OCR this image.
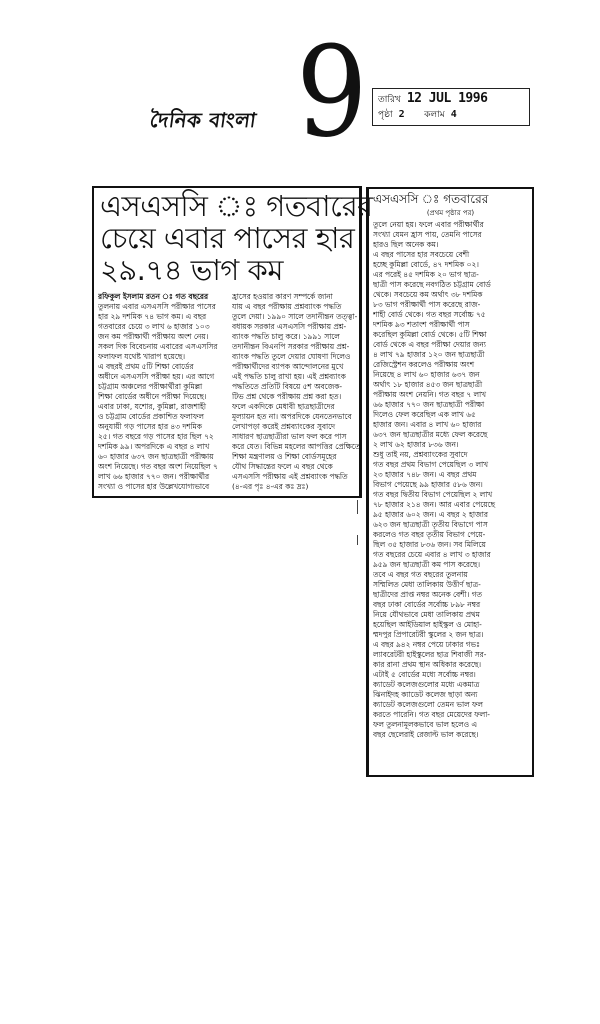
দৈনিক বাংলা 9 তারিখ 12 JUL 1996
পৃষ্ঠা 2 কলাম 4
এসএসসি ঃ গতবারের
চেয়ে এবার পাসের হার
২৯.৭৪ ভাগ কম
রফিকুল ইসলাম রতন ঃ গত বছরের
তুলনায় এবার এসএসসি পরীক্ষার পাসের
হার ২৯ দশমিক ৭৪ ভাগ কম। এ বছর
গতবারের চেয়ে ৩ লাখ ৬ হাজার ১০৩
জন কম পরীক্ষার্থী পরীক্ষায় অংশ নেয়।
সকল দিক বিবেচনায় এবারের এসএসসির
ফলাফল যথেষ্ট খারাপ হয়েছে।
এ বছরই প্রথম ৫টি শিক্ষা বোর্ডের
অধীনে এসএসসি পরীক্ষা হয়। এর আগে
চট্টগ্রাম অঞ্চলের পরীক্ষার্থীরা কুমিল্লা
শিক্ষা বোর্ডের অধীনে পরীক্ষা দিয়েছে।
এবার ঢাকা, যশোর, কুমিল্লা, রাজশাহী
ও চট্টগ্রাম বোর্ডের প্রকাশিত ফলাফল
অনুযায়ী গড় পাসের হার ৪৩ দশমিক
২৫। গত বছরে গড় পাসের হার ছিল ৭২
দশমিক ৯৯। অপরদিকে এ বছর ৪ লাখ
৬০ হাজার ৬৩৭ জন ছাত্রছাত্রী পরীক্ষায়
অংশ নিয়েছে। গত বছর অংশ নিয়েছিল ৭
লাখ ৬৬ হাজার ৭৭০ জন। পরীক্ষার্থীর
সংখ্যা ও পাসের হার উল্লেখযোগ্যভাবে
হ্রাসের হওয়ার কারণ সম্পর্কে জানা
যায় এ বছর পরীক্ষায় প্রশ্নব্যাংক পদ্ধতি
তুলে দেয়া। ১৯৯০ সালে তদানীন্তন তত্ত্বা-
বধায়ক সরকার এসএসসি পরীক্ষায় প্রশ্ন-
ব্যাংক পদ্ধতি চালু করে। ১৯৯১ সালে
তদানীন্তন বিএনপি সরকার পরীক্ষায় প্রশ্ন-
ব্যাংক পদ্ধতি তুলে দেয়ার ঘোষণা দিলেও
পরীক্ষার্থীদের ব্যাপক আন্দোলনের মুখে
এই পদ্ধতি চালু রাখা হয়। এই প্রশ্নব্যাংক
পদ্ধতিতে প্রতিটি বিষয়ে ৫শ অবজেক-
টিভ প্রশ্ন থেকে পরীক্ষায় প্রশ্ন করা হত।
ফলে একদিকে মেধাবী ছাত্রছাত্রীদের
মূল্যায়ন হত না। অপরদিকে যেনতেনভাবে
লেখাপড়া করেই প্রশ্নব্যাংকের সুবাদে
সাধারণ ছাত্রছাত্রীরা ভাল ফল করে পাস
করে যেত। বিভিন্ন মহলের আপত্তির প্রেক্ষিতে
শিক্ষা মন্ত্রণালয় ও শিক্ষা বোর্ডসমূহের
যৌথ সিদ্ধান্তের ফলে এ বছর থেকে
এসএসসি পরীক্ষায় এই প্রশ্নব্যাংক পদ্ধতি
(৪-এর পৃঃ ৪-এর কঃ দ্রঃ)
এসএসসি ঃ গতবারের
(প্রথম পৃষ্ঠার পর)
তুলে নেয়া হয়। ফলে এবার পরীক্ষার্থীর
সংখ্যা যেমন হ্রাস পায়, তেমনি পাসের
হারও ছিল অনেক কম।
এ বছর পাসের হার সবচেয়ে বেশী
হচ্ছে কুমিল্লা বোর্ডে, ৪৭ দশমিক ০২।
এর পরেই ৪৫ দশমিক ২০ ভাগ ছাত্র-
ছাত্রী পাস করেছে নবগঠিত চট্টগ্রাম বোর্ড
থেকে। সবচেয়ে কম অর্থাৎ ৩৮ দশমিক
৮৩ ভাগ পরীক্ষার্থী পাস করেছে রাজ-
শাহী বোর্ড থেকে। গত বছর সর্বোচ্চ ৭৫
দশমিক ৯৩ শতাংশ পরীক্ষার্থী পাস
করেছিল কুমিল্লা বোর্ড থেকে। ৫টি শিক্ষা
বোর্ড থেকে এ বছর পরীক্ষা দেয়ার জন্য
৪ লাখ ৭৯ হাজার ১২০ জন ছাত্রছাত্রী
রেজিস্ট্রেশন করলেও পরীক্ষায় অংশ
নিয়েছে ৪ লাখ ৬০ হাজার ৬৩৭ জন
অর্থাৎ ১৮ হাজার ৪৫৩ জন ছাত্রছাত্রী
পরীক্ষায় অংশ নেয়নি। গত বছর ৭ লাখ
৬৬ হাজার ৭৭০ জন ছাত্রছাত্রী পরীক্ষা
দিলেও ফেল করেছিল এক লাখ ৬৫
হাজার জন। এবার ৪ লাখ ৬০ হাজার
৬৩৭ জন ছাত্রছাত্রীর মধ্যে ফেল করেছে
২ লাখ ৬২ হাজার ৮৩৬ জন।
শুধু তাই নয়, প্রশ্নব্যাংকের সুবাদে
গত বছর প্রথম বিভাগ পেয়েছিল ৩ লাখ
২৩ হাজার ৭৪৮ জন। এ বছর প্রথম
বিভাগ পেয়েছে ৯৯ হাজার ৫৮৬ জন।
গত বছর দ্বিতীয় বিভাগ পেয়েছিল ২ লাখ
৭৮ হাজার ২১৪ জন। আর এবার পেয়েছে
৯৫ হাজার ৬০২ জন। এ বছর ২ হাজার
৬২৩ জন ছাত্রছাত্রী তৃতীয় বিভাগে পাস
করলেও গত বছর তৃতীয় বিভাগ পেয়ে-
ছিল ৩৫ হাজার ৮৩৬ জন। সব মিলিয়ে
গত বছরের চেয়ে এবার ৪ লাখ ৩ হাজার
৯৫৯ জন ছাত্রছাত্রী কম পাস করেছে।
তবে এ বছর গত বছরের তুলনায়
সম্মিলিত মেধা তালিকায় উত্তীর্ণ ছাত্র-
ছাত্রীদের প্রাপ্ত নম্বর অনেক বেশী। গত
বছর ঢাকা বোর্ডের সর্বোচ্চ ৮৯৮ নম্বর
নিয়ে যৌথভাবে মেধা তালিকায় প্রথম
হয়েছিল আইডিয়াল হাইস্কুল ও মোহা-
ম্মদপুর প্রিপারেটরী স্কুলের ২ জন ছাত্র।
এ বছর ৯৪২ নম্বর পেয়ে ঢাকার গভঃ
ল্যাবরেটরী হাইস্কুলের ছাত্র শিবাজী সর-
কার রানা প্রথম স্থান অধিকার করেছে।
এটাই ৫ বোর্ডের মধ্যে সর্বোচ্চ নম্বর।
ক্যাডেট কলেজগুলোর মধ্যে একমাত্র
ঝিনাইদহ ক্যাডেট কলেজ ছাড়া অন্য
ক্যাডেট কলেজগুলো তেমন ভাল ফল
করতে পারেনি। গত বছর মেয়েদের ফলা-
ফল তুলনামূলকভাবে ভাল হলেও এ
বছর ছেলেরাই রেজাল্ট ভাল করেছে।
